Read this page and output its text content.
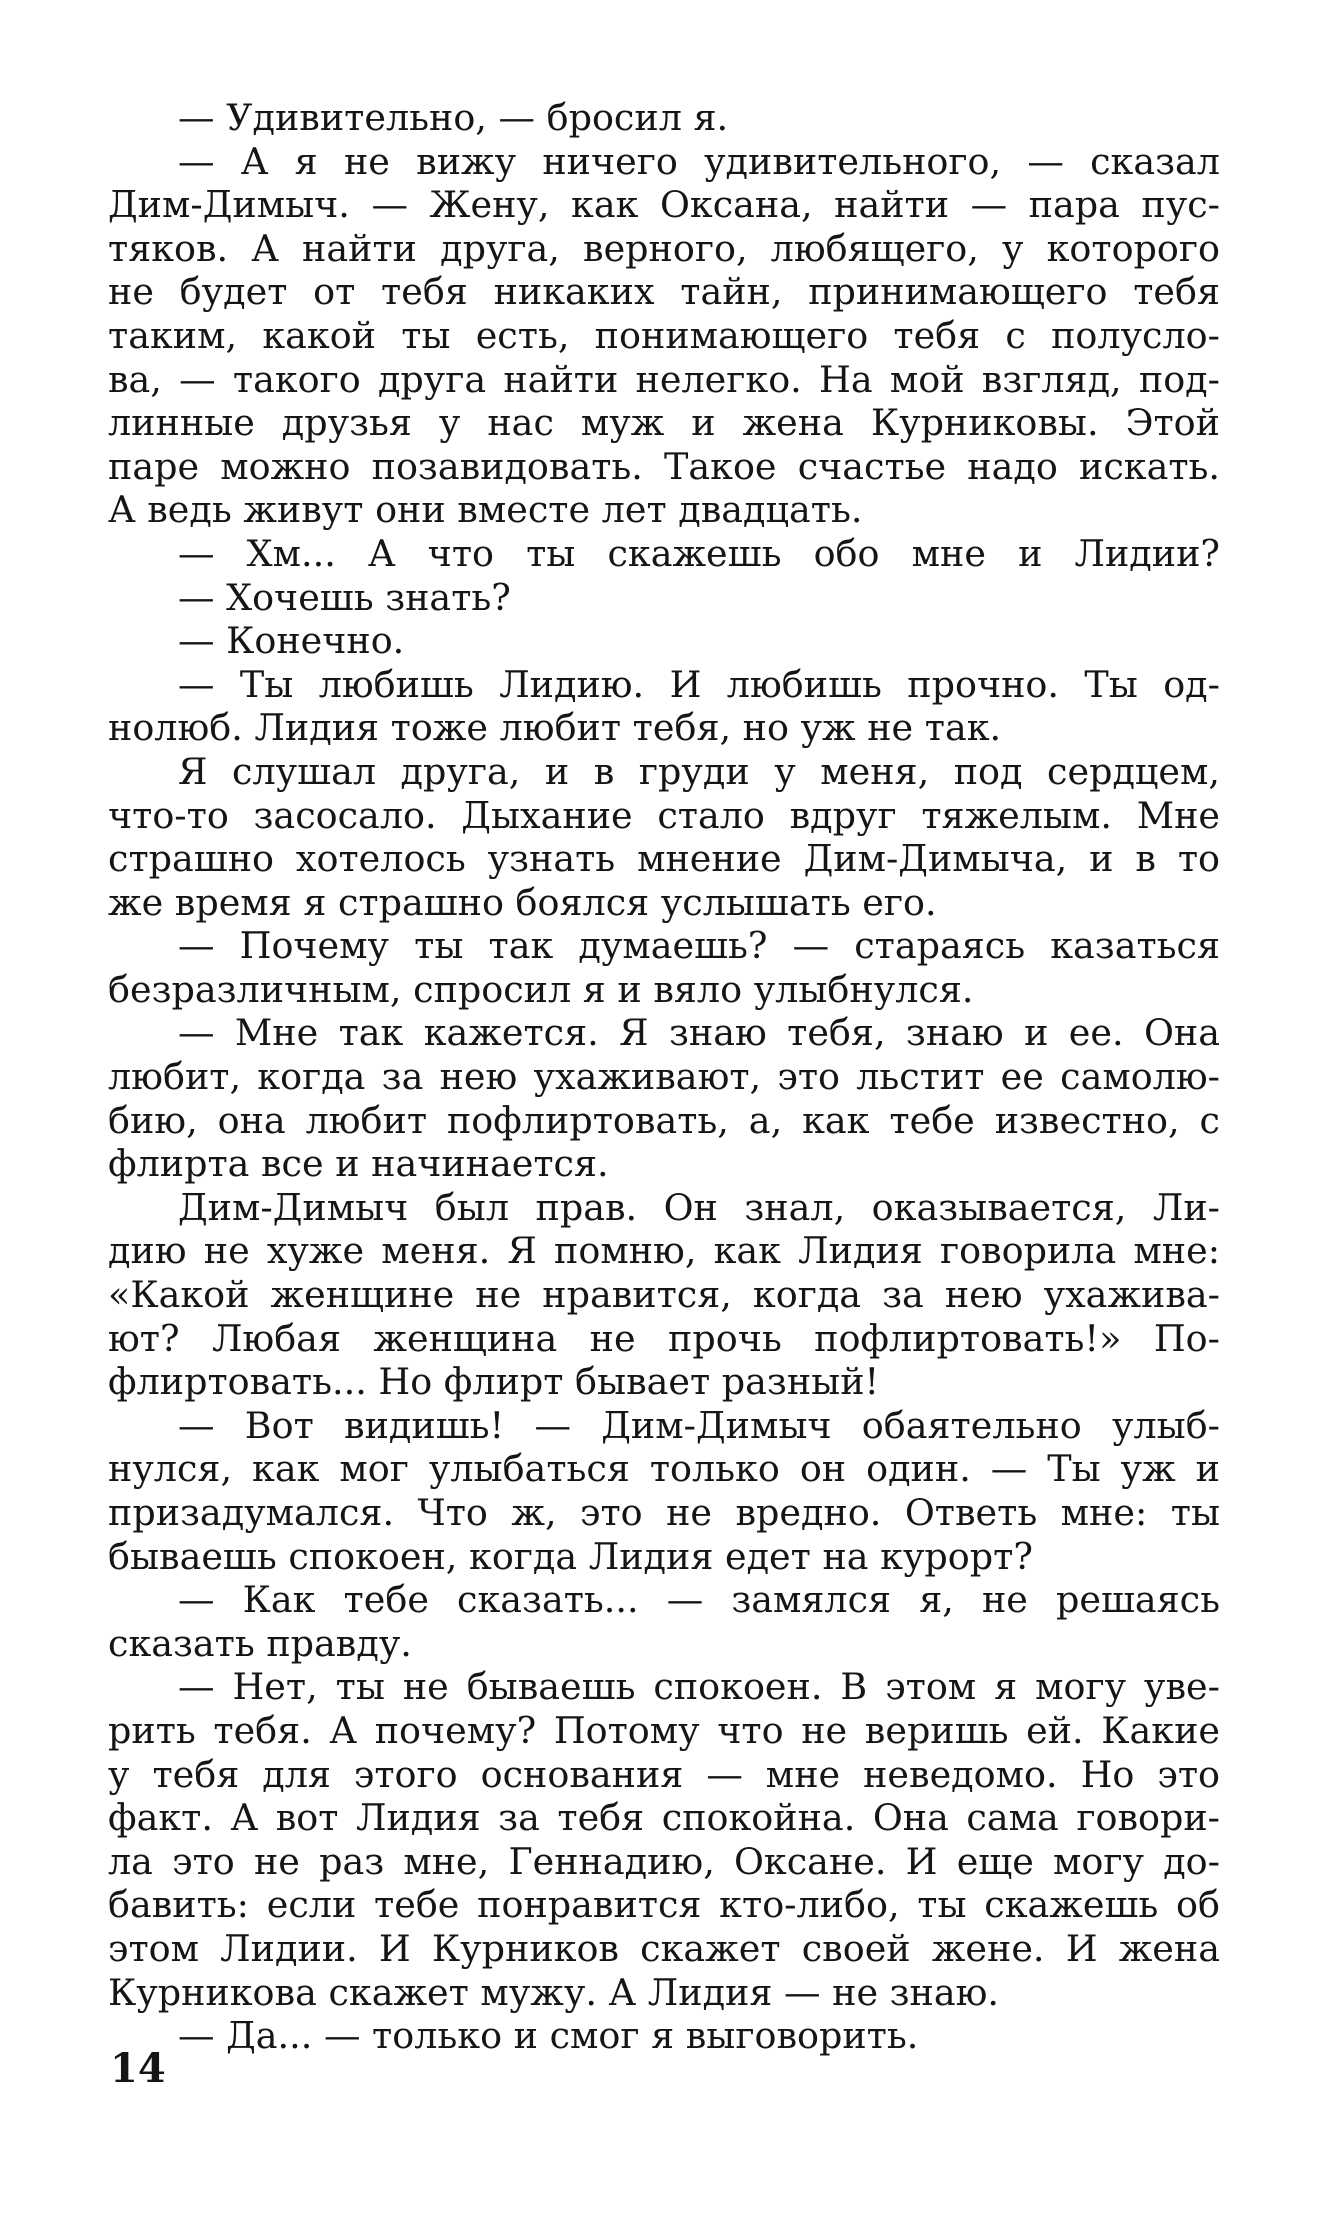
— Удивительно, — бросил я.
— А я не вижу ничего удивительного, — сказал
Дим-Димыч. — Жену, как Оксана, найти — пара пус-
тяков. А найти друга, верного, любящего, у которого
не будет от тебя никаких тайн, принимающего тебя
таким, какой ты есть, понимающего тебя с полусло-
ва, — такого друга найти нелегко. На мой взгляд, под-
линные друзья у нас муж и жена Курниковы. Этой
паре можно позавидовать. Такое счастье надо искать.
А ведь живут они вместе лет двадцать.
— Хм... А что ты скажешь обо мне и Лидии?
— Хочешь знать?
— Конечно.
— Ты любишь Лидию. И любишь прочно. Ты од-
нолюб. Лидия тоже любит тебя, но уж не так.
Я слушал друга, и в груди у меня, под сердцем,
что-то засосало. Дыхание стало вдруг тяжелым. Мне
страшно хотелось узнать мнение Дим-Димыча, и в то
же время я страшно боялся услышать его.
— Почему ты так думаешь? — стараясь казаться
безразличным, спросил я и вяло улыбнулся.
— Мне так кажется. Я знаю тебя, знаю и ее. Она
любит, когда за нею ухаживают, это льстит ее самолю-
бию, она любит пофлиртовать, а, как тебе известно, с
флирта все и начинается.
Дим-Димыч был прав. Он знал, оказывается, Ли-
дию не хуже меня. Я помню, как Лидия говорила мне:
«Какой женщине не нравится, когда за нею ухажива-
ют? Любая женщина не прочь пофлиртовать!» По-
флиртовать... Но флирт бывает разный!
— Вот видишь! — Дим-Димыч обаятельно улыб-
нулся, как мог улыбаться только он один. — Ты уж и
призадумался. Что ж, это не вредно. Ответь мне: ты
бываешь спокоен, когда Лидия едет на курорт?
— Как тебе сказать... — замялся я, не решаясь
сказать правду.
— Нет, ты не бываешь спокоен. В этом я могу уве-
рить тебя. А почему? Потому что не веришь ей. Какие
у тебя для этого основания — мне неведомо. Но это
факт. А вот Лидия за тебя спокойна. Она сама говори-
ла это не раз мне, Геннадию, Оксане. И еще могу до-
бавить: если тебе понравится кто-либо, ты скажешь об
этом Лидии. И Курников скажет своей жене. И жена
Курникова скажет мужу. А Лидия — не знаю.
— Да... — только и смог я выговорить.

14
